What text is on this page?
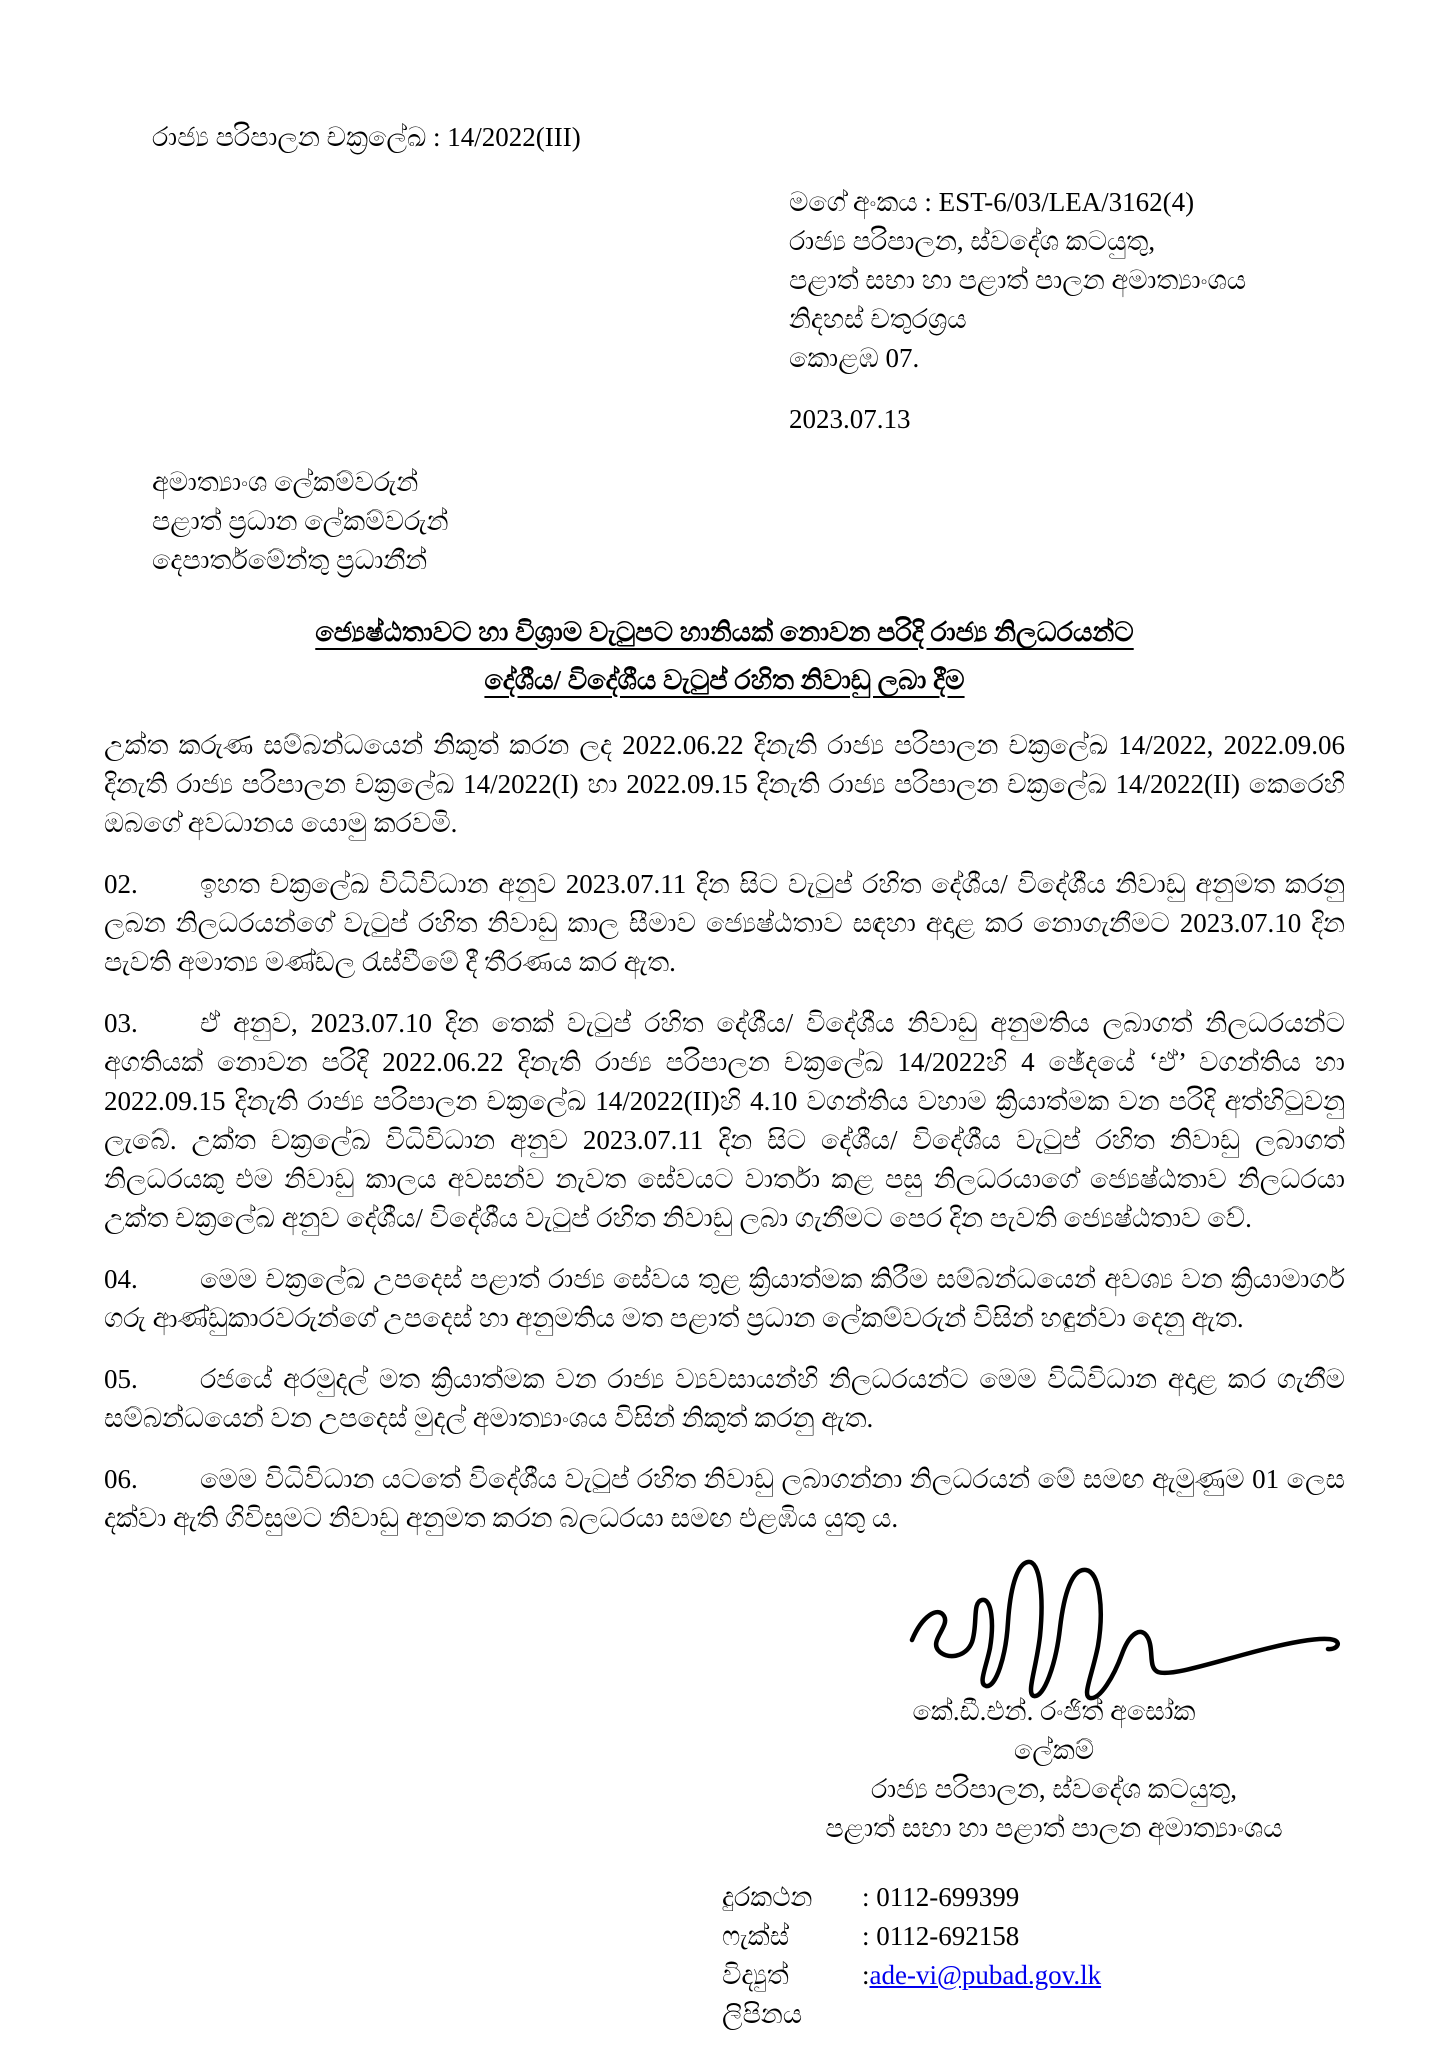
රාජ්‍ය පරිපාලන චක්‍රලේඛ : 14/2022(III)
මගේ අංකය : EST-6/03/LEA/3162(4)
රාජ්‍ය පරිපාලන, ස්වදේශ කටයුතු,
පළාත් සභා හා පළාත් පාලන අමාත්‍යාංශය
නිදහස් චතුරශ්‍රය
කොළඹ 07.
2023.07.13
අමාත්‍යාංශ ලේකම්වරුන්
පළාත් ප්‍රධාන ලේකම්වරුන්
දෙපාර්තමේන්තු ප්‍රධානීන්
ජ්‍යෙෂ්ඨතාවට හා විශ්‍රාම වැටුපට හානියක් නොවන පරිදි රාජ්‍ය නිලධරයන්ට
දේශීය/ විදේශීය වැටුප් රහිත නිවාඩු ලබා දීම

උක්ත කරුණ සම්බන්ධයෙන් නිකුත් කරන ලද 2022.06.22 දිනැති රාජ්‍ය පරිපාලන චක්‍රලේඛ 14/2022, 2022.09.06 දිනැති රාජ්‍ය පරිපාලන චක්‍රලේඛ 14/2022(I) හා 2022.09.15 දිනැති රාජ්‍ය පරිපාලන චක්‍රලේඛ 14/2022(II) කෙරෙහි ඔබගේ අවධානය යොමු කරවමි.

02. ඉහත චක්‍රලේඛ විධිවිධාන අනුව 2023.07.11 දින සිට වැටුප් රහිත දේශීය/ විදේශීය නිවාඩු අනුමත කරනු ලබන නිලධරයන්ගේ වැටුප් රහිත නිවාඩු කාල සීමාව ජ්‍යෙෂ්ඨතාව සඳහා අදාළ කර නොගැනීමට 2023.07.10 දින පැවති අමාත්‍ය මණ්ඩල රැස්වීමේ දී තීරණය කර ඇත.

03. ඒ අනුව, 2023.07.10 දින තෙක් වැටුප් රහිත දේශීය/ විදේශීය නිවාඩු අනුමතිය ලබාගත් නිලධරයන්ට අගතියක් නොවන පරිදි 2022.06.22 දිනැති රාජ්‍ය පරිපාලන චක්‍රලේඛ 14/2022හි 4 ඡේදයේ ‘ඒ’ වගන්තිය හා 2022.09.15 දිනැති රාජ්‍ය පරිපාලන චක්‍රලේඛ 14/2022(II)හි 4.10 වගන්තිය වහාම ක්‍රියාත්මක වන පරිදි අත්හිටුවනු ලැබේ. උක්ත චක්‍රලේඛ විධිවිධාන අනුව 2023.07.11 දින සිට දේශීය/ විදේශීය වැටුප් රහිත නිවාඩු ලබාගත් නිලධරයකු එම නිවාඩු කාලය අවසන්ව නැවත සේවයට වාර්තා කළ පසු නිලධරයාගේ ජ්‍යෙෂ්ඨතාව නිලධරයා උක්ත චක්‍රලේඛ අනුව දේශීය/ විදේශීය වැටුප් රහිත නිවාඩු ලබා ගැනීමට පෙර දින පැවති ජ්‍යෙෂ්ඨතාව වේ.

04. මෙම චක්‍රලේඛ උපදෙස් පළාත් රාජ්‍ය සේවය තුළ ක්‍රියාත්මක කිරීම සම්බන්ධයෙන් අවශ්‍ය වන ක්‍රියාමාර්ග ගරු ආණ්ඩුකාරවරුන්ගේ උපදෙස් හා අනුමතිය මත පළාත් ප්‍රධාන ලේකම්වරුන් විසින් හඳුන්වා දෙනු ඇත.

05. රජයේ අරමුදල් මත ක්‍රියාත්මක වන රාජ්‍ය ව්‍යවසායන්හි නිලධරයන්ට මෙම විධිවිධාන අදාළ කර ගැනීම සම්බන්ධයෙන් වන උපදෙස් මුදල් අමාත්‍යාංශය විසින් නිකුත් කරනු ඇත.

06. මෙම විධිවිධාන යටතේ විදේශීය වැටුප් රහිත නිවාඩු ලබාගන්නා නිලධරයන් මේ සමඟ ඇමුණුම 01 ලෙස දක්වා ඇති ගිවිසුමට නිවාඩු අනුමත කරන බලධරයා සමඟ එළඹිය යුතු ය.

කේ.ඩී.එන්. රංජිත් අසෝක
ලේකම්
රාජ්‍ය පරිපාලන, ස්වදේශ කටයුතු,
පළාත් සභා හා පළාත් පාලන අමාත්‍යාංශය
දුරකථන	: 0112-699399
ෆැක්ස්	: 0112-692158
විද්‍යුත් ලිපිනය
: ade-vi@pubad.gov.lk
